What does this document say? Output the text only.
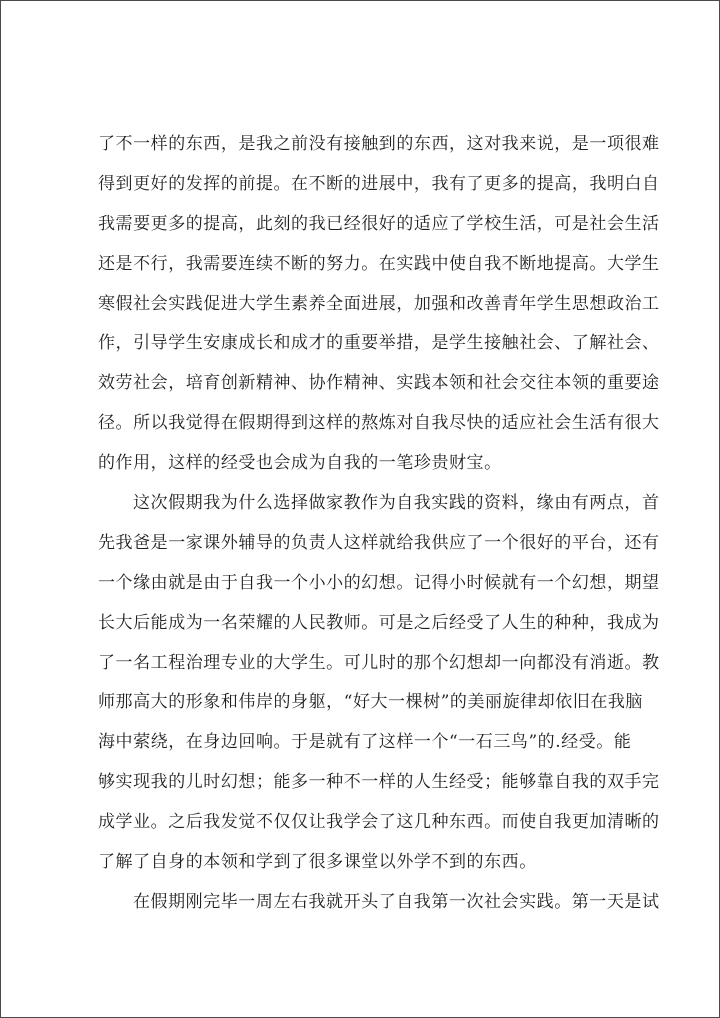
了不一样的东西，是我之前没有接触到的东西，这对我来说，是一项很难
得到更好的发挥的前提。在不断的进展中，我有了更多的提高，我明白自
我需要更多的提高，此刻的我已经很好的适应了学校生活，可是社会生活
还是不行，我需要连续不断的努力。在实践中使自我不断地提高。大学生
寒假社会实践促进大学生素养全面进展，加强和改善青年学生思想政治工
作，引导学生安康成长和成才的重要举措，是学生接触社会、了解社会、
效劳社会，培育创新精神、协作精神、实践本领和社会交往本领的重要途
径。所以我觉得在假期得到这样的熬炼对自我尽快的适应社会生活有很大
的作用，这样的经受也会成为自我的一笔珍贵财宝。
这次假期我为什么选择做家教作为自我实践的资料，缘由有两点，首
先我爸是一家课外辅导的负责人这样就给我供应了一个很好的平台，还有
一个缘由就是由于自我一个小小的幻想。记得小时候就有一个幻想，期望
长大后能成为一名荣耀的人民教师。可是之后经受了人生的种种，我成为
了一名工程治理专业的大学生。可儿时的那个幻想却一向都没有消逝。教
师那高大的形象和伟岸的身躯，“好大一棵树”的美丽旋律却依旧在我脑
海中萦绕，在身边回响。于是就有了这样一个“一石三鸟”的.经受。能
够实现我的儿时幻想；能多一种不一样的人生经受；能够靠自我的双手完
成学业。之后我发觉不仅仅让我学会了这几种东西。而使自我更加清晰的
了解了自身的本领和学到了很多课堂以外学不到的东西。
在假期刚完毕一周左右我就开头了自我第一次社会实践。第一天是试
